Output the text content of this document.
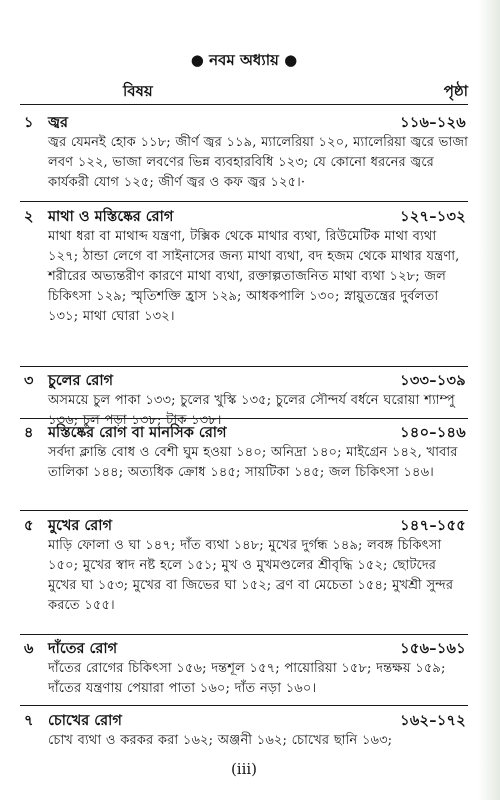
● নবম অধ্যায় ●
বিষয়	পৃষ্ঠা
১ জ্বর	১১৬–১২৬
জ্বর যেমনই হোক ১১৮; জীর্ণ জ্বর ১১৯, ম্যালেরিয়া ১২০, ম্যালেরিয়া জ্বরে ভাজা লবণ ১২২, ভাজা লবণের ভিন্ন ব্যবহারবিধি ১২৩; যে কোনো ধরনের জ্বরে কার্যকরী যোগ ১২৫; জীর্ণ জ্বর ও কফ জ্বর ১২৫।·
২ মাথা ও মস্তিষ্কের রোগ	১২৭–১৩২
মাথা ধরা বা মাথাব্দ যন্ত্রণা, টক্সিক থেকে মাথার ব্যথা, রিউমেটিক মাথা ব্যথা ১২৭; ঠান্ডা লেগে বা সাইনাসের জন্য মাথা ব্যথা, বদ হজম থেকে মাথার যন্ত্রণা, শরীরের অভ্যন্তরীণ কারণে মাথা ব্যথা, রক্তাল্পতাজনিত মাথা ব্যথা ১২৮; জল চিকিৎসা ১২৯; স্মৃতিশক্তি হ্রাস ১২৯; আধকপালি ১৩০; স্নায়ুতন্ত্রের দুর্বলতা ১৩১; মাথা ঘোরা ১৩২।
৩ চুলের রোগ	১৩৩–১৩৯
অসময়ে চুল পাকা ১৩৩; চুলের খুস্কি ১৩৫; চুলের সৌন্দর্য বর্ধনে ঘরোয়া শ্যাম্পু ১৩৬; চুল পড়া ১৩৮; টাক ১৩৮।
৪ মস্তিষ্কের রোগ বা মানসিক রোগ	১৪০–১৪৬
সর্বদা ক্লান্তি বোধ ও বেশী ঘুম হওয়া ১৪০; অনিদ্রা ১৪০; মাইগ্রেন ১৪২, খাবার তালিকা ১৪৪; অত্যধিক ক্রোধ ১৪৫; সায়টিকা ১৪৫; জল চিকিৎসা ১৪৬।
৫ মুখের রোগ	১৪৭–১৫৫
মাড়ি ফোলা ও ঘা ১৪৭; দাঁত ব্যথা ১৪৮; মুখের দুর্গন্ধ ১৪৯; লবঙ্গ চিকিৎসা ১৫০; মুখের স্বাদ নষ্ট হলে ১৫১; মুখ ও মুখমণ্ডলের শ্রীবৃদ্ধি ১৫২; ছোটদের মুখের ঘা ১৫৩; মুখের বা জিভের ঘা ১৫২; ব্রণ বা মেচেতা ১৫৪; মুখশ্রী সুন্দর করতে ১৫৫।
৬ দাঁতের রোগ	১৫৬–১৬১
দাঁতের রোগের চিকিৎসা ১৫৬; দন্তশূল ১৫৭; পায়োরিয়া ১৫৮; দন্তক্ষয় ১৫৯; দাঁতের যন্ত্রণায় পেয়ারা পাতা ১৬০; দাঁত নড়া ১৬০।
৭ চোখের রোগ	১৬২–১৭২
চোখ ব্যথা ও করকর করা ১৬২; অঞ্জনী ১৬২; চোখের ছানি ১৬৩;
(iii)
